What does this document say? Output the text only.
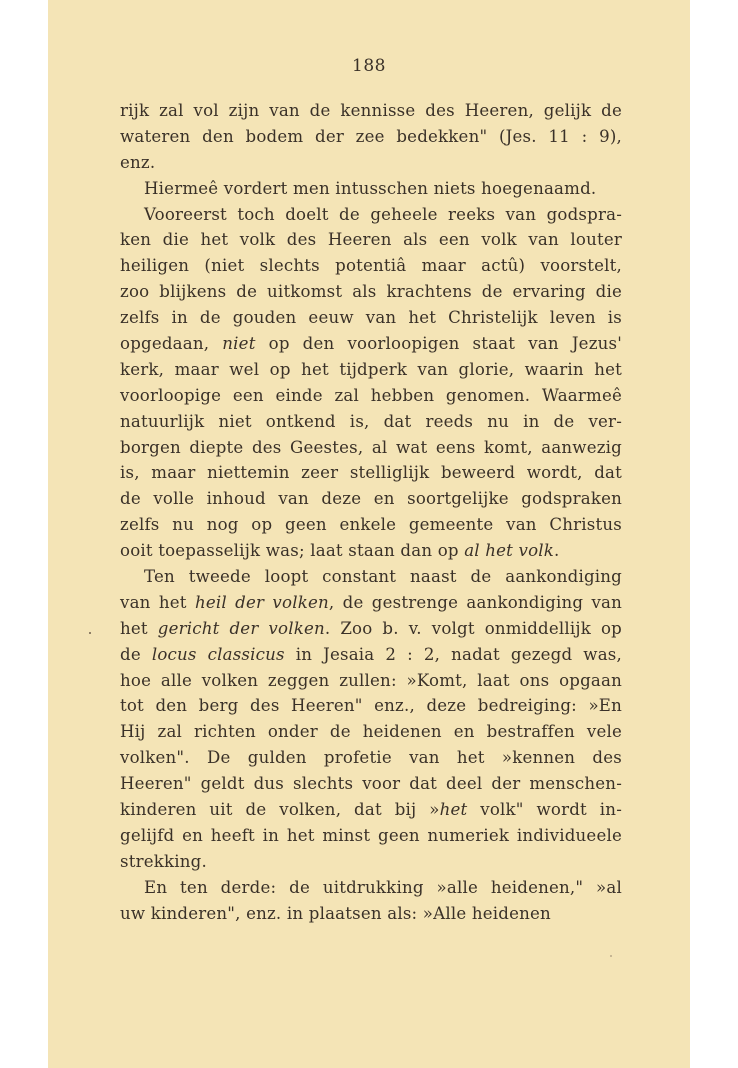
188
rijk zal vol zijn van de kennisse des Heeren, gelijk de
wateren den bodem der zee bedekken" (Jes. 11 : 9),
enz.
Hiermeê vordert men intusschen niets hoegenaamd.
Vooreerst toch doelt de geheele reeks van godspra-
ken die het volk des Heeren als een volk van louter
heiligen (niet slechts potentiâ maar actû) voorstelt,
zoo blijkens de uitkomst als krachtens de ervaring die
zelfs in de gouden eeuw van het Christelijk leven is
opgedaan, niet op den voorloopigen staat van Jezus'
kerk, maar wel op het tijdperk van glorie, waarin het
voorloopige een einde zal hebben genomen. Waarmeê
natuurlijk niet ontkend is, dat reeds nu in de ver-
borgen diepte des Geestes, al wat eens komt, aanwezig
is, maar niettemin zeer stelliglijk beweerd wordt, dat
de volle inhoud van deze en soortgelijke godspraken
zelfs nu nog op geen enkele gemeente van Christus
ooit toepasselijk was; laat staan dan op al het volk.
Ten tweede loopt constant naast de aankondiging
van het heil der volken, de gestrenge aankondiging van
het gericht der volken. Zoo b. v. volgt onmiddellijk op
de locus classicus in Jesaia 2 : 2, nadat gezegd was,
hoe alle volken zeggen zullen: »Komt, laat ons opgaan
tot den berg des Heeren" enz., deze bedreiging: »En
Hij zal richten onder de heidenen en bestraffen vele
volken". De gulden profetie van het »kennen des
Heeren" geldt dus slechts voor dat deel der menschen-
kinderen uit de volken, dat bij »het volk" wordt in-
gelijfd en heeft in het minst geen numeriek individueele
strekking.
En ten derde: de uitdrukking »alle heidenen," »al
uw kinderen", enz. in plaatsen als: »Alle heidenen
